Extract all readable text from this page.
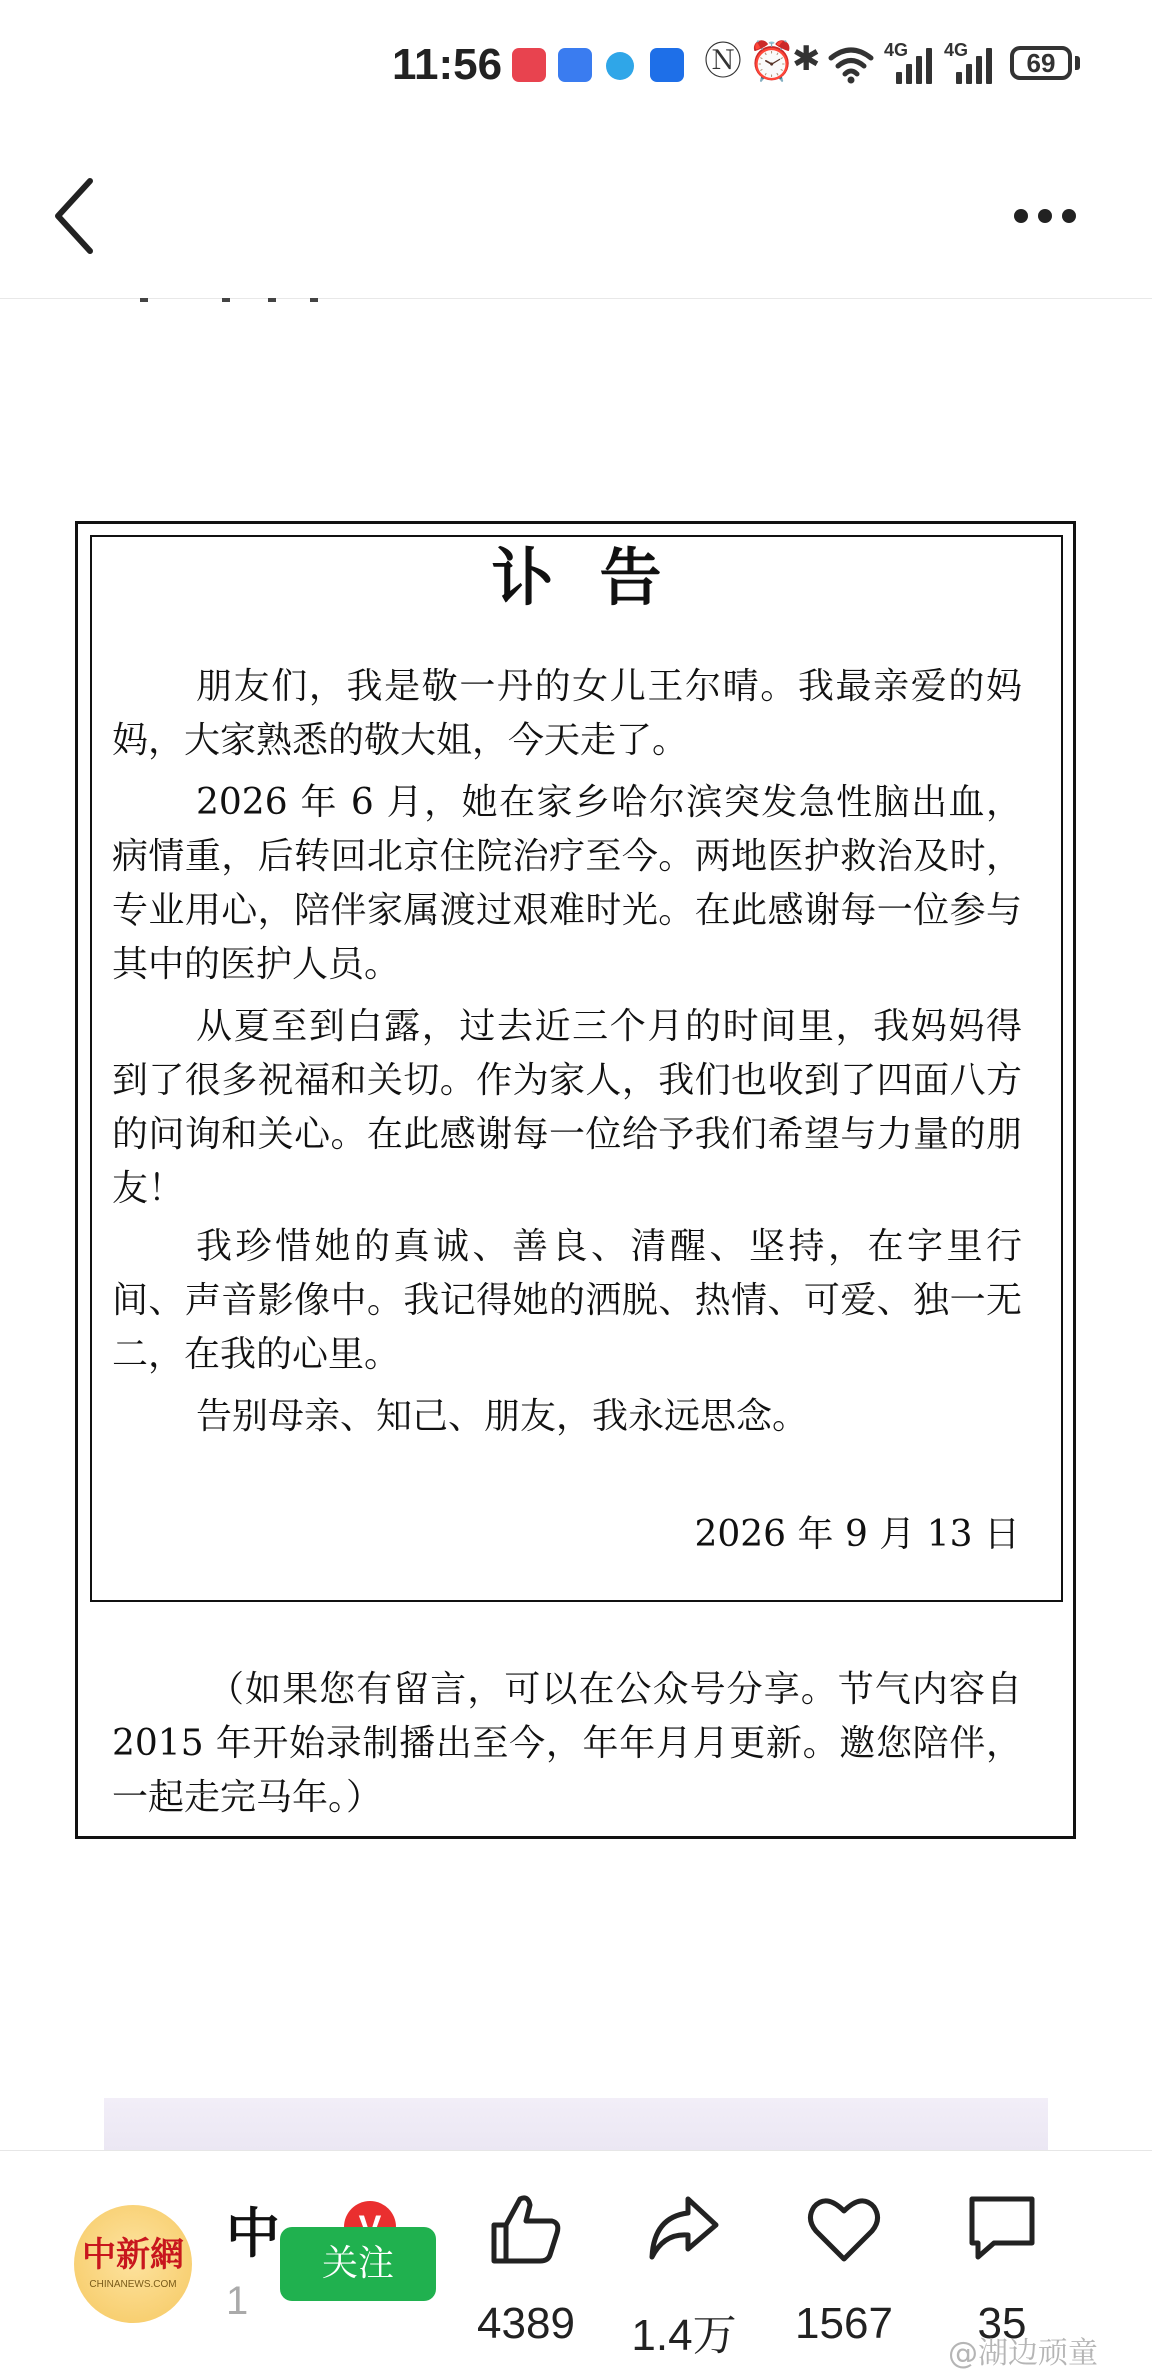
11:56	Ⓝ ⏰
✱	4G 4G	69
讣告

朋友们，我是敬一丹的女儿王尔晴。我最亲爱的妈妈，大家熟悉的敬大姐，今天走了。

2026 年 6 月，她在家乡哈尔滨突发急性脑出血，病情重，后转回北京住院治疗至今。两地医护救治及时，专业用心，陪伴家属渡过艰难时光。在此感谢每一位参与其中的医护人员。

从夏至到白露，过去近三个月的时间里，我妈妈得到了很多祝福和关切。作为家人，我们也收到了四面八方的问询和关心。在此感谢每一位给予我们希望与力量的朋友！

我珍惜她的真诚、善良、清醒、坚持，在字里行间、声音影像中。我记得她的洒脱、热情、可爱、独一无二，在我的心里。

告别母亲、知己、朋友，我永远思念。

2026 年 9 月 13 日

（如果您有留言，可以在公众号分享。节气内容自 2015 年开始录制播出至今，年年月月更新。邀您陪伴，一起走完马年。）

中新網
CHINANEWS.COM
中
1
关注
4389	1.4万	1567	35
@湖边顽童
